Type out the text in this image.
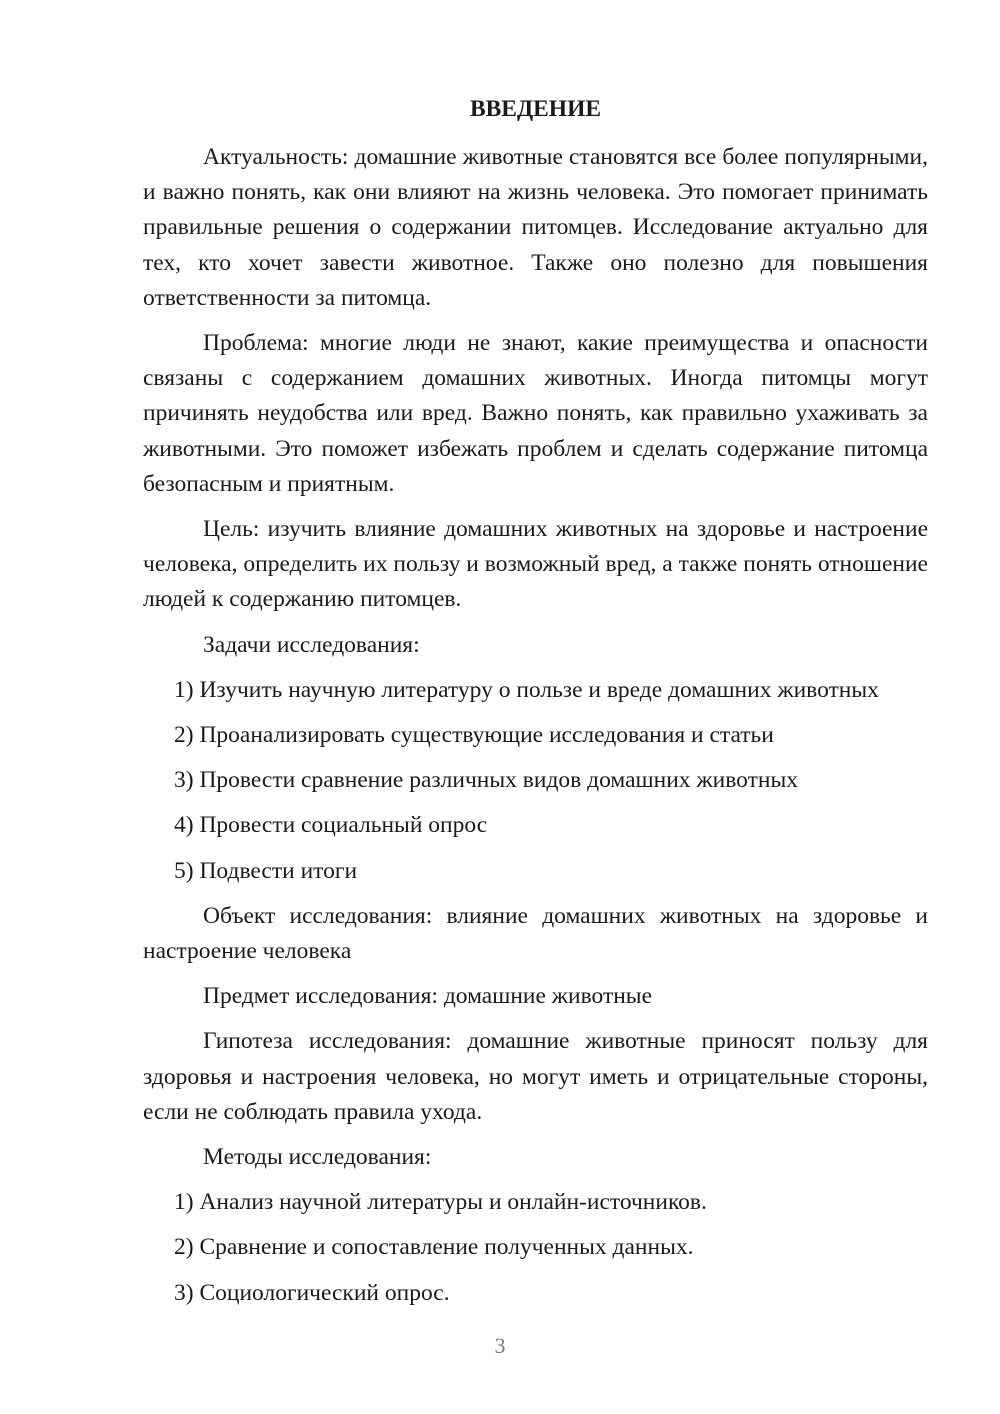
ВВЕДЕНИЕ

Актуальность: домашние животные становятся все более популярными, и важно понять, как они влияют на жизнь человека. Это помогает принимать правильные решения о содержании питомцев. Исследование актуально для тех, кто хочет завести животное. Также оно полезно для повышения ответственности за питомца.

Проблема: многие люди не знают, какие преимущества и опасности связаны с содержанием домашних животных. Иногда питомцы могут причинять неудобства или вред. Важно понять, как правильно ухаживать за животными. Это поможет избежать проблем и сделать содержание питомца безопасным и приятным.

Цель: изучить влияние домашних животных на здоровье и настроение человека, определить их пользу и возможный вред, а также понять отношение людей к содержанию питомцев.

Задачи исследования:

1) Изучить научную литературу о пользе и вреде домашних животных
2) Проанализировать существующие исследования и статьи
3) Провести сравнение различных видов домашних животных
4) Провести социальный опрос
5) Подвести итоги

Объект исследования: влияние домашних животных на здоровье и настроение человека

Предмет исследования: домашние животные

Гипотеза исследования: домашние животные приносят пользу для здоровья и настроения человека, но могут иметь и отрицательные стороны, если не соблюдать правила ухода.

Методы исследования:

1) Анализ научной литературы и онлайн-источников.
2) Сравнение и сопоставление полученных данных.
3) Социологический опрос.
3
